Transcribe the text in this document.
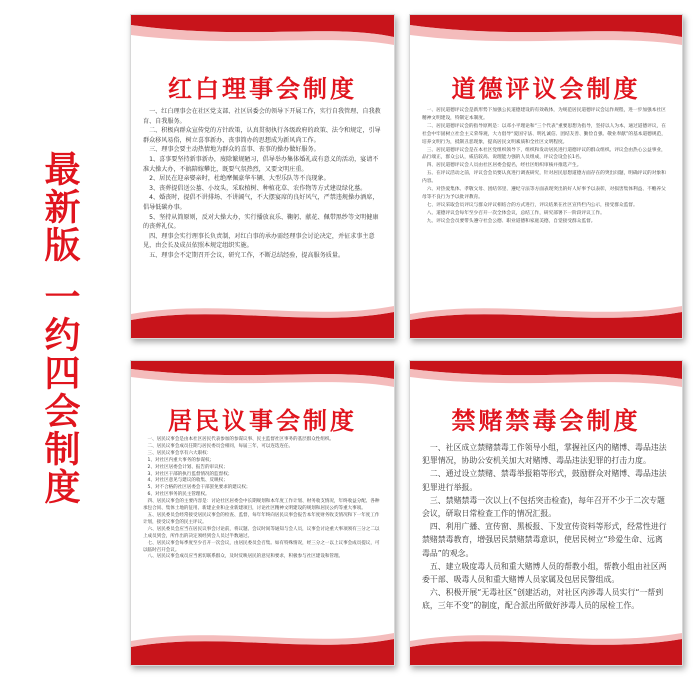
最新版
一约四会制度
红白理事会制度

一、红白理事会在社区党支部、社区居委会的领导下开展工作，实行自我管理、自我教育、自我服务。

二、积极向群众宣传党的方针政策，认真贯彻执行各级政府的政策、法令和规定，引导群众移风易俗，树立喜事新办、丧事简办的思想成为新风尚工作。

三、理事会要主动热情地为群众的喜事、丧事的操办做好服务。

1、喜事要坚持新事新办，废除繁规陋习，倡导举办集体婚礼或有意义的活动，宴请不准大操大办，不搞陪嫁攀比，既要气氛热烈，又要文明庄重。

2、居民在迎亲娶亲时，杜绝摩佩豪华车辆、大型乐队等不良现象。

3、丧葬提倡送公墓、小坟头，采取植树、种植花草、农作物等方式建设绿化墓。

4、婚丧时，提倡不讲排场、不讲阔气，不大摆宴席的良好风气，严禁违规操办酒席，倡导低碳办事。

5、坚持从简原则，反对大操大办，实行播放哀乐、鞠躬、献花、佩带黑纱等文明健康的丧葬礼仪。

四、理事会实行理事长负责制，对红白事的承办需经理事会讨论决定，并征求事主意见，由会长及成员依照本规定组织实施。

五、理事会不定期召开会议，研究工作，不断总结经验，提高服务质量。

道德评议会制度

一、居民道德评议会是新形势下加强公民道德建设的有效载体，为规范居民道德评议会运作规程，进一步加强本社区精神文明建设，特制定本制度。

二、居民道德评议会的指导原则是：以邓小平理论和“三个代表”重要思想为指导，坚持以人为本，通过道德评议，在社会中牢固树立社会主义荣辱观，大力倡导“爱国守法、明礼诚信、团结友善、勤俭自强、敬业奉献”的基本道德规范，培养文明行为，抵制丑恶现象，提高居民文明素质和全社区文明程度。

三、居民道德评议会是在本社区党组织领导下，组织和发动居民进行道德评议的群众组织。评议会由热心公益事业，品行端正，群众公认，威信较高、说理能力强的人员组成，评议会设会长1名。

四、居民道德评议会人员由社区居委会提名，经社区组织审核并推选产生。

五、在评议活动之前，评议会会员要认真进行调查研究，针对居民思想道德方面存在的突出问题，明确评议的对象和内容。

六、对热爱集体、孝敬父母、团结邻里、遵纪守法等方面表现突出的好人好事予以表彰，对损害集体利益、不赡养父母等不良行为予以批评教育。

七、评议采取会员评议与群众评议相结合的方式进行，评议结果在社区宣传栏内公示，接受群众监督。

八、道德评议会每年至少召开一次全体会议，总结工作，研究部署下一阶段评议工作。

九、评议会会员要带头遵守社会公德、职业道德和家庭美德，自觉接受群众监督。

居民议事会制度

一、居民议事会是由本社区居民代表参加的参谋议事、民主监督社区事务的基层群众性组织。

二、居民议事会成员任期与居民委员会相同，每届三年，可以连选连任。

三、居民议事会享有六大职权：

1、对社区内重大事务的参谋权；

2、对社区居委会计划、报告的审议权；

3、对社区干部的执行监督情况的监督权；

4、对社区意见与建议的收集、反映权；

5、对不合格的社区居委会干部罢免要求的建议权；

6、对社区事务的民主管理权。

四、居民议事会的主要内容是：讨论社区居委会中长期规划和本年度工作计划、财务收支情况，年终收益分配、各种承包合同、集体土地的征用、新建企业和企业新建项目，讨论社区精神文明建设的规划和居民公约等重大事项。

五、居民委员会经常接受居民议事会的检查、监督，每年年终向居民议事会报告本年度财务收支情况和下一年度工作计划，接受议事会的民主评议。

六、居民委员会应当在居民议事会讨论前，将议题、会议时间等通知与会人员，议事会讨论重大事项须有三分之二以上成员到会，所作出的决定须经到会人员过半数通过。

七、居民议事会每季度至少召开一次会议，由居民委员会召集。如有特殊情况，经三分之一以上议事会成员提议，可以临时召开会议。

八、居民议事会成员应当密切联系群众，及时反映居民的意见和要求，积极参与社区建设和管理。

禁赌禁毒会制度

一、社区成立禁赌禁毒工作领导小组，掌握社区内的赌博、毒品违法犯罪情况，协助公安机关加大对赌博、毒品违法犯罪的打击力度。

二、通过设立禁赌、禁毒举报箱等形式，鼓励群众对赌博、毒品违法犯罪进行举报。

三、禁赌禁毒一次以上(不包括突击检查)，每年召开不少于二次专题会议，研取日常检查工作的情况汇报。

四、利用广播、宣传窗、黑板报、下发宣传资料等形式，经常性进行禁赌禁毒教育，增强居民禁赌禁毒意识，使居民树立“珍爱生命、远离毒品”的观念。

五、建立吸度毒人员和重大赌博人员的帮教小组，帮教小组由社区两委干部、吸毒人员和重大赌博人员家属及包居民警组成。

六、积极开展“无毒社区”创建活动，对社区内涉毒人员实行“一帮到底，三年不变”的制度，配合派出所做好涉毒人员的尿检工作。
